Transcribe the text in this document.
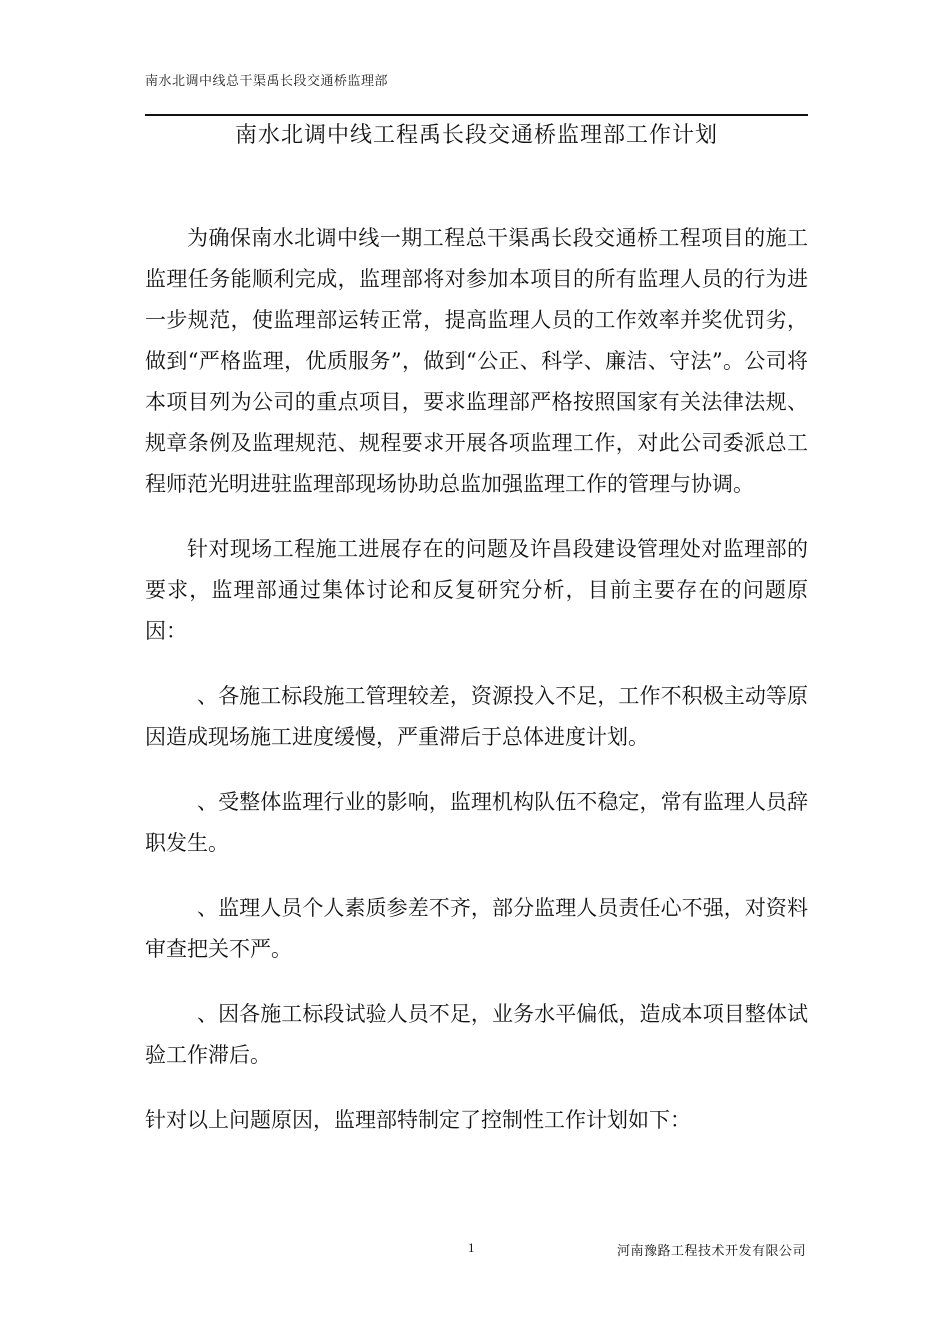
南水北调中线总干渠禹长段交通桥监理部
南水北调中线工程禹长段交通桥监理部工作计划

为确保南水北调中线一期工程总干渠禹长段交通桥工程项目的施工监理任务能顺利完成，监理部将对参加本项目的所有监理人员的行为进一步规范，使监理部运转正常，提高监理人员的工作效率并奖优罚劣，做到“严格监理，优质服务”，做到“公正、科学、廉洁、守法”。公司将本项目列为公司的重点项目，要求监理部严格按照国家有关法律法规、规章条例及监理规范、规程要求开展各项监理工作，对此公司委派总工程师范光明进驻监理部现场协助总监加强监理工作的管理与协调。

针对现场工程施工进展存在的问题及许昌段建设管理处对监理部的要求，监理部通过集体讨论和反复研究分析，目前主要存在的问题原因：

、各施工标段施工管理较差，资源投入不足，工作不积极主动等原因造成现场施工进度缓慢，严重滞后于总体进度计划。

、受整体监理行业的影响，监理机构队伍不稳定，常有监理人员辞职发生。

、监理人员个人素质参差不齐，部分监理人员责任心不强，对资料审查把关不严。

、因各施工标段试验人员不足，业务水平偏低，造成本项目整体试验工作滞后。

针对以上问题原因，监理部特制定了控制性工作计划如下：

1	河南豫路工程技术开发有限公司
